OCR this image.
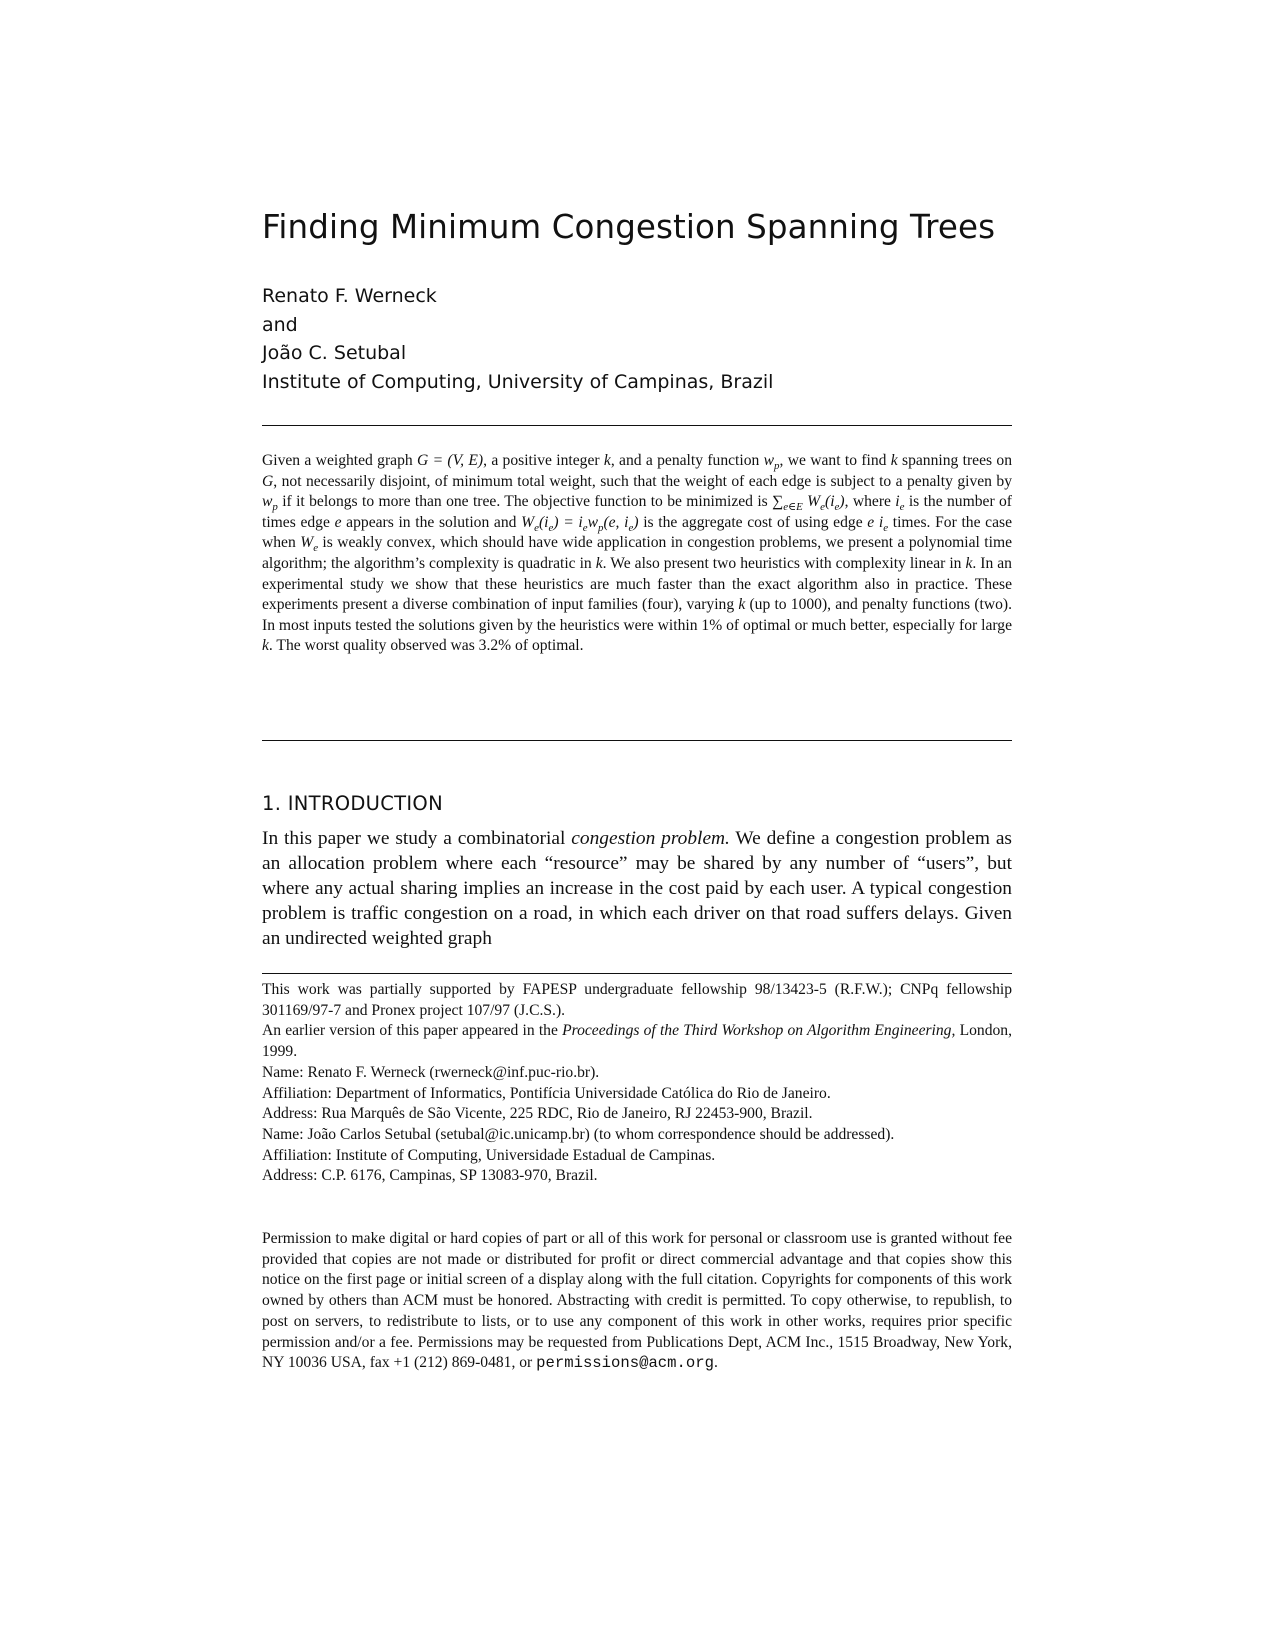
Finding Minimum Congestion Spanning Trees
Renato F. Werneck
and
João C. Setubal
Institute of Computing, University of Campinas, Brazil

Given a weighted graph G = (V, E), a positive integer k, and a penalty function $w_p$, we want to find k spanning trees on G, not necessarily disjoint, of minimum total weight, such that the weight of each edge is subject to a penalty given by $w_p$ if it belongs to more than one tree. The objective function to be minimized is $\sum_{e\in E}$ $W_e(i_e)$, where $i_e$ is the number of times edge e appears in the solution and $W_e(i_e) = i_ew_p(e$, $i_e$) is the aggregate cost of using edge e $i_e$ times. For the case when $W_e$ is weakly convex, which should have wide application in congestion problems, we present a polynomial time algorithm; the algorithm’s complexity is quadratic in k. We also present two heuristics with complexity linear in k. In an experimental study we show that these heuristics are much faster than the exact algorithm also in practice. These experiments present a diverse combination of input families (four), varying k (up to 1000), and penalty functions (two). In most inputs tested the solutions given by the heuristics were within 1% of optimal or much better, especially for large k. The worst quality observed was 3.2% of optimal.

1. INTRODUCTION

In this paper we study a combinatorial congestion problem. We define a congestion problem as an allocation problem where each “resource” may be shared by any number of “users”, but where any actual sharing implies an increase in the cost paid by each user. A typical congestion problem is traffic congestion on a road, in which each driver on that road suffers delays. Given an undirected weighted graph

This work was partially supported by FAPESP undergraduate fellowship 98/13423-5 (R.F.W.); CNPq fellowship 301169/97-7 and Pronex project 107/97 (J.C.S.).

An earlier version of this paper appeared in the Proceedings of the Third Workshop on Algorithm Engineering, London, 1999.

Name: Renato F. Werneck (rwerneck@inf.puc-rio.br).

Affiliation: Department of Informatics, Pontifícia Universidade Católica do Rio de Janeiro.

Address: Rua Marquês de São Vicente, 225 RDC, Rio de Janeiro, RJ 22453-900, Brazil.

Name: João Carlos Setubal (setubal@ic.unicamp.br) (to whom correspondence should be addressed).

Affiliation: Institute of Computing, Universidade Estadual de Campinas.

Address: C.P. 6176, Campinas, SP 13083-970, Brazil.

Permission to make digital or hard copies of part or all of this work for personal or classroom use is granted without fee provided that copies are not made or distributed for profit or direct commercial advantage and that copies show this notice on the first page or initial screen of a display along with the full citation. Copyrights for components of this work owned by others than ACM must be honored. Abstracting with credit is permitted. To copy otherwise, to republish, to post on servers, to redistribute to lists, or to use any component of this work in other works, requires prior specific permission and/or a fee. Permissions may be requested from Publications Dept, ACM Inc., 1515 Broadway, New York, NY 10036 USA, fax +1 (212) 869-0481, or permissions@acm.org.
